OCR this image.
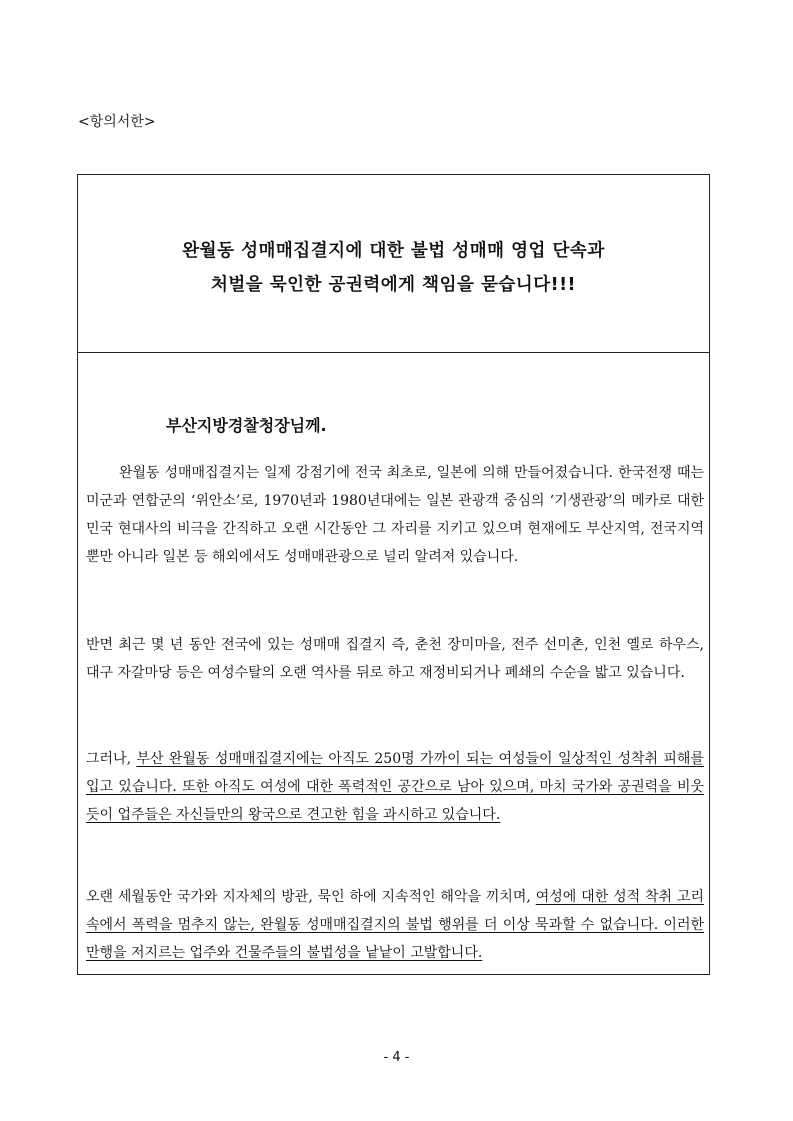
<항의서한>
완월동 성매매집결지에 대한 불법 성매매 영업 단속과
처벌을 묵인한 공권력에게 책임을 묻습니다!!!
부산지방경찰청장님께.
완월동 성매매집결지는 일제 강점기에 전국 최초로, 일본에 의해 만들어졌습니다. 한국전쟁 때는 미군과 연합군의 ‘위안소’로, 1970년과 1980년대에는 일본 관광객 중심의 ‘기생관광’의 메카로 대한민국 현대사의 비극을 간직하고 오랜 시간동안 그 자리를 지키고 있으며 현재에도 부산지역, 전국지역 뿐만 아니라 일본 등 해외에서도 성매매관광으로 널리 알려져 있습니다.
반면 최근 몇 년 동안 전국에 있는 성매매 집결지 즉, 춘천 장미마을, 전주 선미촌, 인천 옐로 하우스, 대구 자갈마당 등은 여성수탈의 오랜 역사를 뒤로 하고 재정비되거나 폐쇄의 수순을 밟고 있습니다.
그러나, 부산 완월동 성매매집결지에는 아직도 250명 가까이 되는 여성들이 일상적인 성착취 피해를 입고 있습니다. 또한 아직도 여성에 대한 폭력적인 공간으로 남아 있으며, 마치 국가와 공권력을 비웃듯이 업주들은 자신들만의 왕국으로 견고한 힘을 과시하고 있습니다.
오랜 세월동안 국가와 지자체의 방관, 묵인 하에 지속적인 해악을 끼치며, 여성에 대한 성적 착취 고리 속에서 폭력을 멈추지 않는, 완월동 성매매집결지의 불법 행위를 더 이상 묵과할 수 없습니다. 이러한 만행을 저지르는 업주와 건물주들의 불법성을 낱낱이 고발합니다.
- 4 -
